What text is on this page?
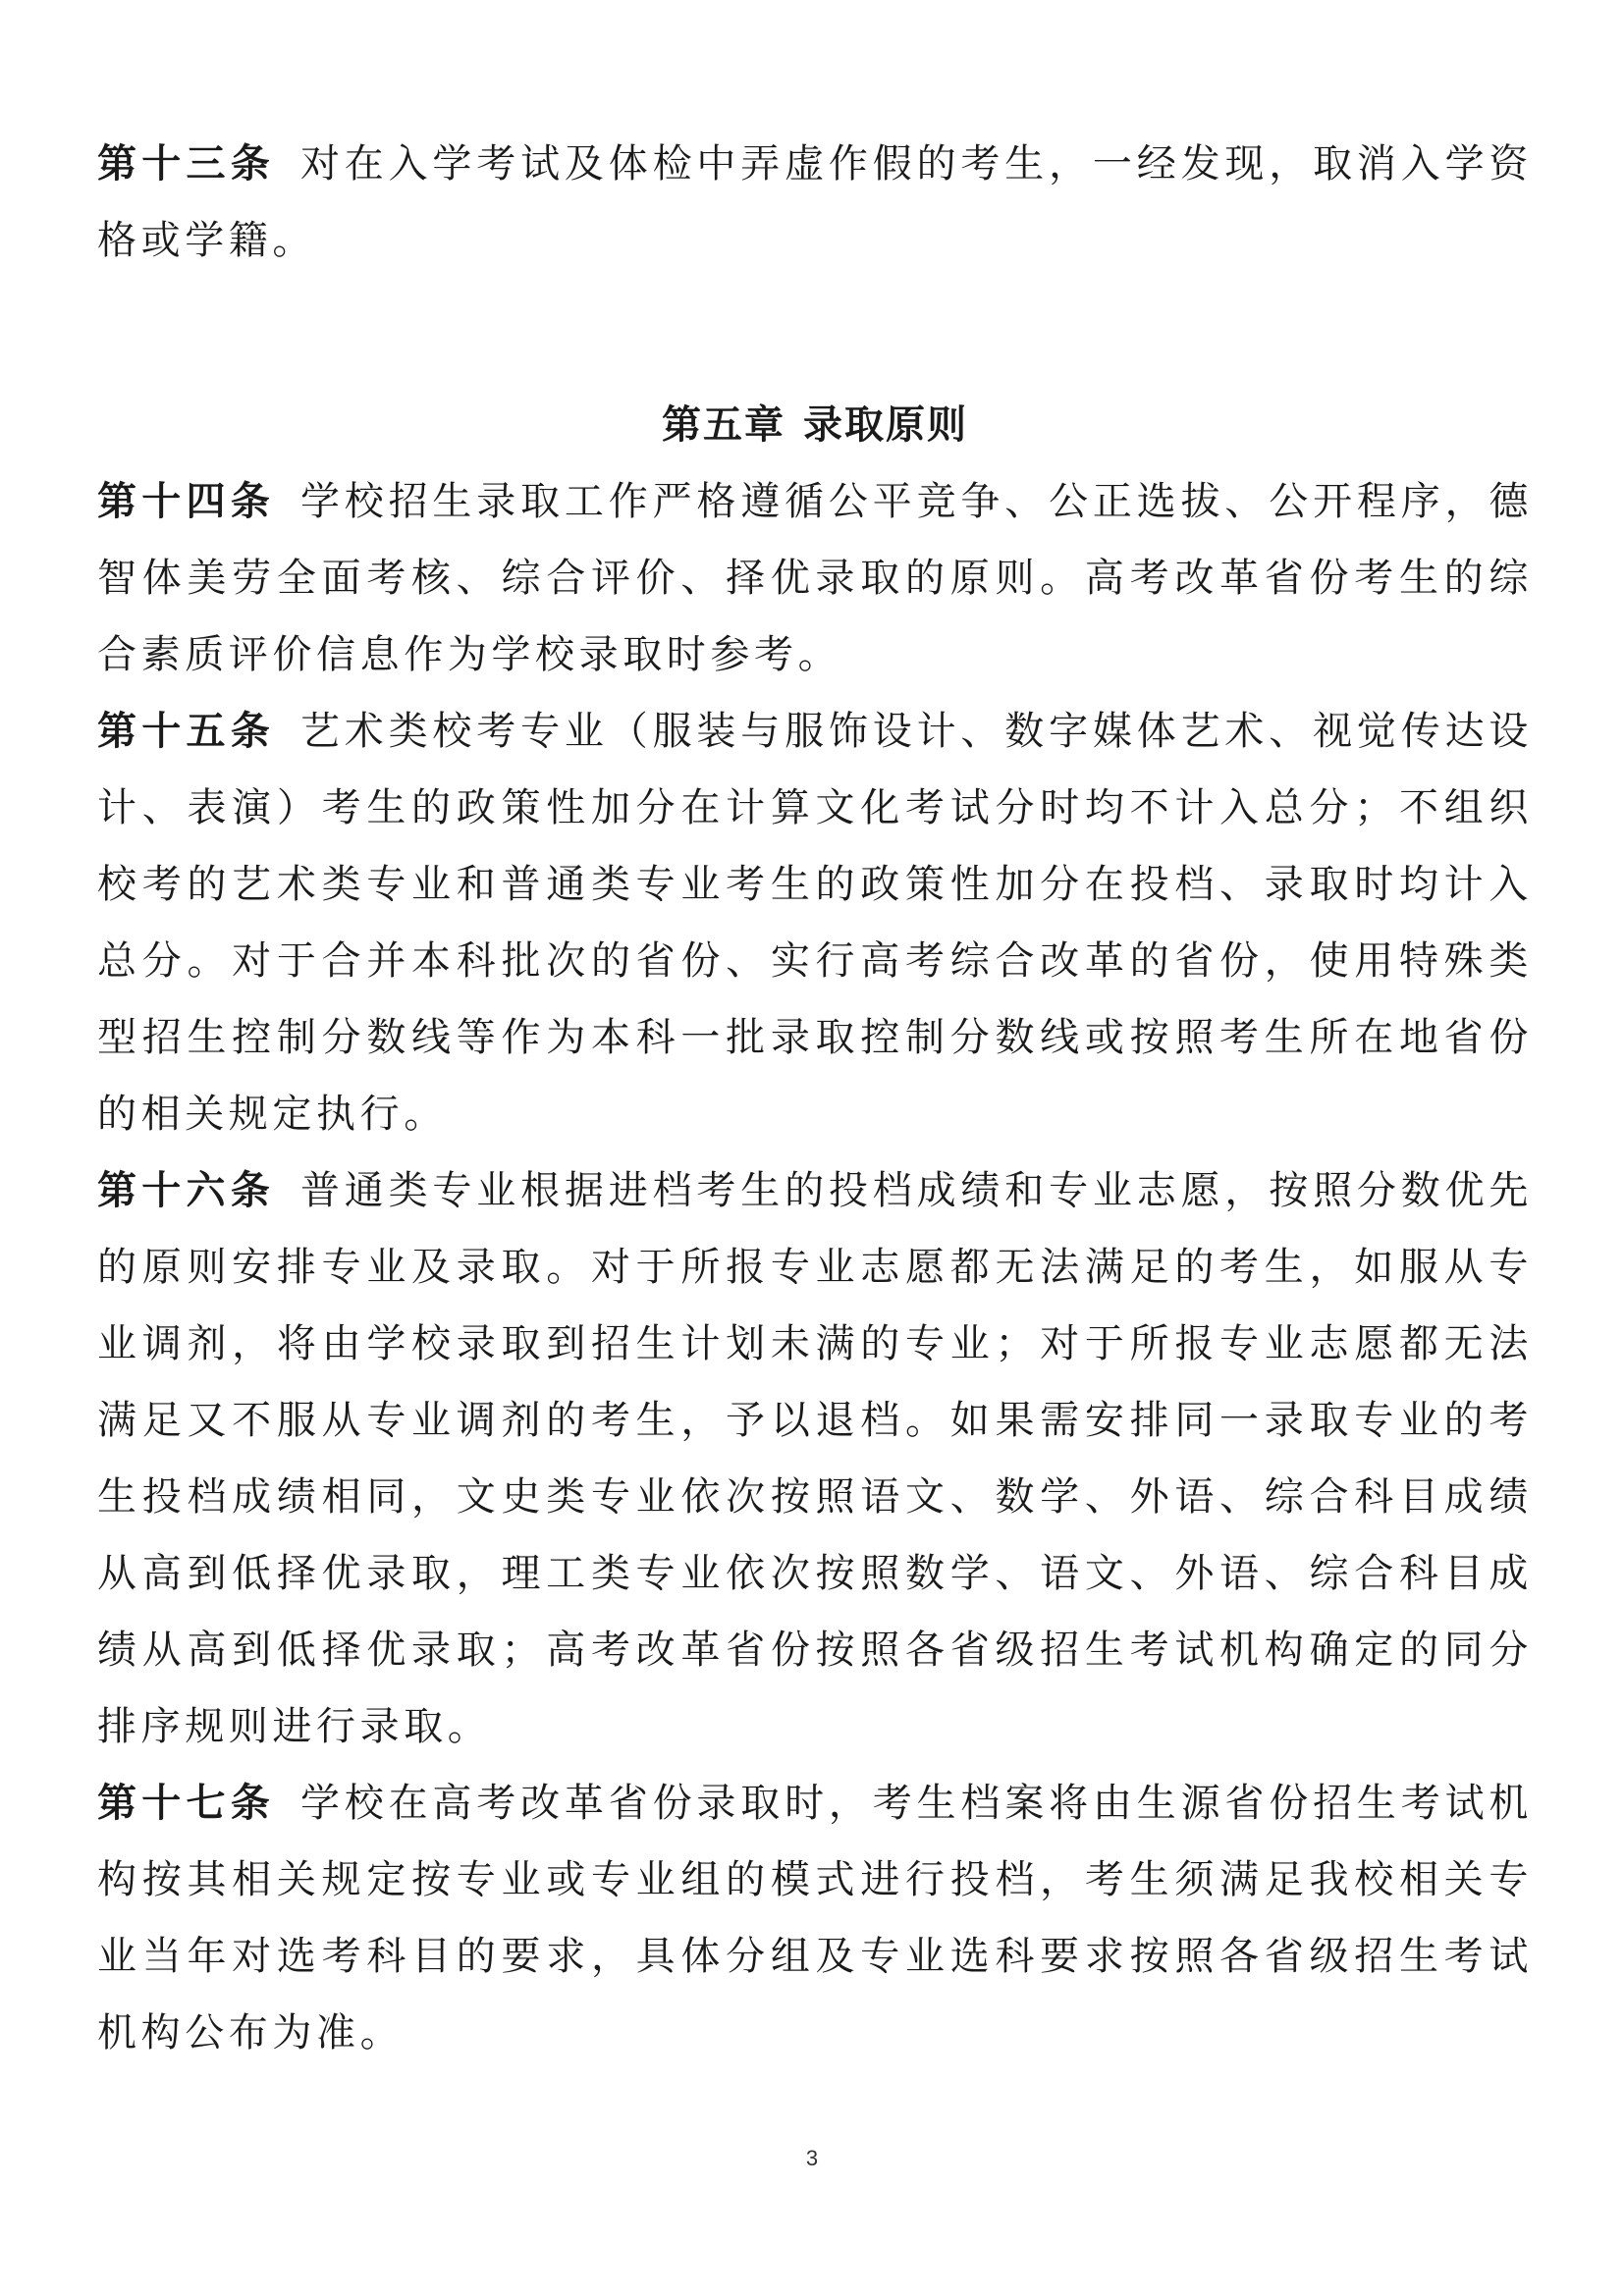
第十三条 对在入学考试及体检中弄虚作假的考生，一经发现，取消入学资格或学籍。

第五章 录取原则

第十四条 学校招生录取工作严格遵循公平竞争、公正选拔、公开程序，德智体美劳全面考核、综合评价、择优录取的原则。高考改革省份考生的综合素质评价信息作为学校录取时参考。

第十五条 艺术类校考专业（服装与服饰设计、数字媒体艺术、视觉传达设计、表演）考生的政策性加分在计算文化考试分时均不计入总分；不组织校考的艺术类专业和普通类专业考生的政策性加分在投档、录取时均计入总分。对于合并本科批次的省份、实行高考综合改革的省份，使用特殊类型招生控制分数线等作为本科一批录取控制分数线或按照考生所在地省份的相关规定执行。

第十六条 普通类专业根据进档考生的投档成绩和专业志愿，按照分数优先的原则安排专业及录取。对于所报专业志愿都无法满足的考生，如服从专业调剂，将由学校录取到招生计划未满的专业；对于所报专业志愿都无法满足又不服从专业调剂的考生，予以退档。如果需安排同一录取专业的考生投档成绩相同，文史类专业依次按照语文、数学、外语、综合科目成绩从高到低择优录取，理工类专业依次按照数学、语文、外语、综合科目成绩从高到低择优录取；高考改革省份按照各省级招生考试机构确定的同分排序规则进行录取。

第十七条 学校在高考改革省份录取时，考生档案将由生源省份招生考试机构按其相关规定按专业或专业组的模式进行投档，考生须满足我校相关专业当年对选考科目的要求，具体分组及专业选科要求按照各省级招生考试机构公布为准。

3
